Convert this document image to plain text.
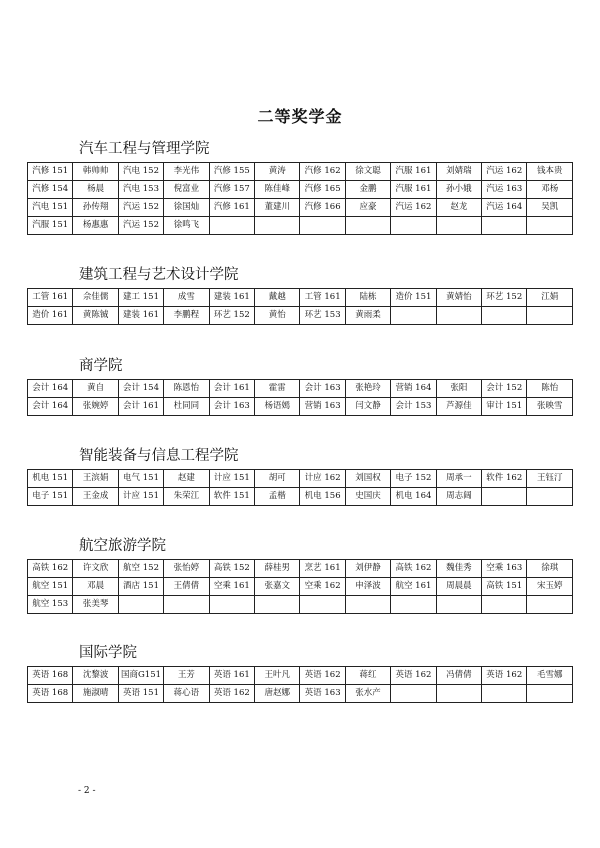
二等奖学金
汽车工程与管理学院
汽修 151	韩帅帅	汽电 152	李光伟	汽修 155	黄涛	汽修 162	徐文聪	汽服 161	刘婧瑞	汽运 162	钱本贵
汽修 154	杨晨	汽电 153	倪富业	汽修 157	陈佳峰	汽修 165	金鹏	汽服 161	孙小娥	汽运 163	邓杨
汽电 151	孙传翔	汽运 152	徐国灿	汽修 161	董建川	汽修 166	应豪	汽运 162	赵龙	汽运 164	吴凯
汽服 151	杨惠惠	汽运 152	徐鸣飞								
建筑工程与艺术设计学院
工管 161	佘佳儒	建工 151	成雪	建装 161	戴越	工管 161	陆栋	造价 151	黄婧怡	环艺 152	江娟
造价 161	黄陈铖	建装 161	李鹏程	环艺 152	黄怡	环艺 153	黄雨柔				
商学院
会计 164	黄自	会计 154	陈恩怡	会计 161	霍雷	会计 163	张艳玲	营销 164	张阳	会计 152	陈怡
会计 164	张婉婷	会计 161	杜同同	会计 163	杨语嫣	营销 163	闫文静	会计 153	芦源佳	审计 151	张映雪
智能装备与信息工程学院
机电 151	王滨娟	电气 151	赵建	计应 151	胡可	计应 162	刘国权	电子 152	周承一	软件 162	王钰汀
电子 151	王金成	计应 151	朱荣江	软件 151	孟楷	机电 156	史国庆	机电 164	周志阔		
航空旅游学院
高铁 162	许文欣	航空 152	张怡婷	高铁 152	薛桂男	烹艺 161	刘伊静	高铁 162	魏佳秀	空乘 163	徐琪
航空 151	邓晨	酒店 151	王倩倩	空乘 161	张嘉文	空乘 162	申泽波	航空 161	周晨晨	高铁 151	宋玉婷
航空 153	张美琴										
国际学院
英语 168	沈黎波	国商G151	王芳	英语 161	王叶凡	英语 162	蒋红	英语 162	冯倩倩	英语 162	毛雪娜
英语 168	施淑晴	英语 151	蒋心语	英语 162	唐赵娜	英语 163	张水产				
- 2 -
